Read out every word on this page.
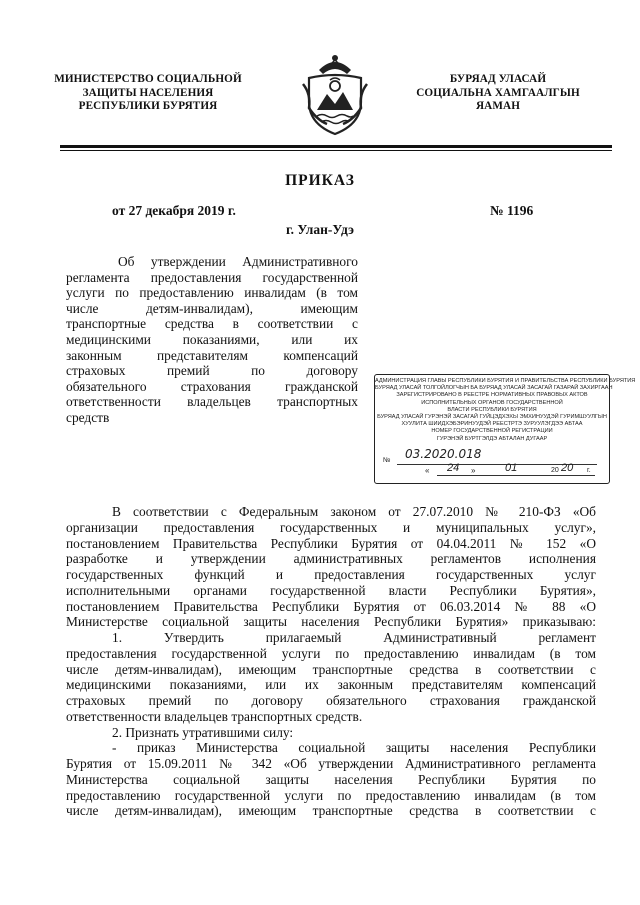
МИНИСТЕРСТВО СОЦИАЛЬНОЙ
ЗАЩИТЫ НАСЕЛЕНИЯ
РЕСПУБЛИКИ БУРЯТИЯ
БУРЯАД УЛАСАЙ
СОЦИАЛЬНА ХАМГААЛГЫН
ЯАМАН
ПРИКАЗ
от 27 декабря 2019 г.	№ 1196
г. Улан-Удэ
Об утверждении Административного
регламента предоставления государственной
услуги по предоставлению инвалидам (в том
числе детям-инвалидам), имеющим
транспортные средства в соответствии с
медицинскими показаниями, или их
законным представителям компенсаций
страховых премий по договору
обязательного страхования гражданской
ответственности владельцев транспортных
средств
АДМИНИСТРАЦИЯ ГЛАВЫ РЕСПУБЛИКИ БУРЯТИЯ И ПРАВИТЕЛЬСТВА РЕСПУБЛИКИ БУРЯТИЯ
БУРЯАД УЛАСАЙ ТОЛГОЙЛОГЧЫН БА БУРЯАД УЛАСАЙ ЗАСАГАЙ ГАЗАРАЙ ЗАХИРГААН
ЗАРЕГИСТРИРОВАНО В РЕЕСТРЕ НОРМАТИВНЫХ ПРАВОВЫХ АКТОВ
ИСПОЛНИТЕЛЬНЫХ ОРГАНОВ ГОСУДАРСТВЕННОЙ
ВЛАСТИ РЕСПУБЛИКИ БУРЯТИЯ
БУРЯАД УЛАСАЙ ГУРЭНЭЙ ЗАСАГАЙ ГУЙЦЭДХЭХЫ ЭМХИНУУДЭЙ ГУРИМШУУЛГЫН
ХУУЛИТА ШИИДХЭБЭРИНУУДЭЙ РЕЕСТРТЭ ЗУРУУЛЭГДЭЭ АБТАА
НОМЕР ГОСУДАРСТВЕННОЙ РЕГИСТРАЦИИ
ГУРЭНЭЙ БУРТГЭЛДЭ АБТАЛАН ДУГААР
№ 03.2020.018
« 24 »	01	20 20 г.
В соответствии с Федеральным законом от 27.07.2010 № 210-ФЗ «Об
организации предоставления государственных и муниципальных услуг»,
постановлением Правительства Республики Бурятия от 04.04.2011 № 152 «О
разработке и утверждении административных регламентов исполнения
государственных функций и предоставления государственных услуг
исполнительными органами государственной власти Республики Бурятия»,
постановлением Правительства Республики Бурятия от 06.03.2014 № 88 «О
Министерстве социальной защиты населения Республики Бурятия» приказываю:
1. Утвердить прилагаемый Административный регламент
предоставления государственной услуги по предоставлению инвалидам (в том
числе детям-инвалидам), имеющим транспортные средства в соответствии с
медицинскими показаниями, или их законным представителям компенсаций
страховых премий по договору обязательного страхования гражданской
ответственности владельцев транспортных средств.
2. Признать утратившими силу:
- приказ Министерства социальной защиты населения Республики
Бурятия от 15.09.2011 № 342 «Об утверждении Административного регламента
Министерства социальной защиты населения Республики Бурятия по
предоставлению государственной услуги по предоставлению инвалидам (в том
числе детям-инвалидам), имеющим транспортные средства в соответствии с
